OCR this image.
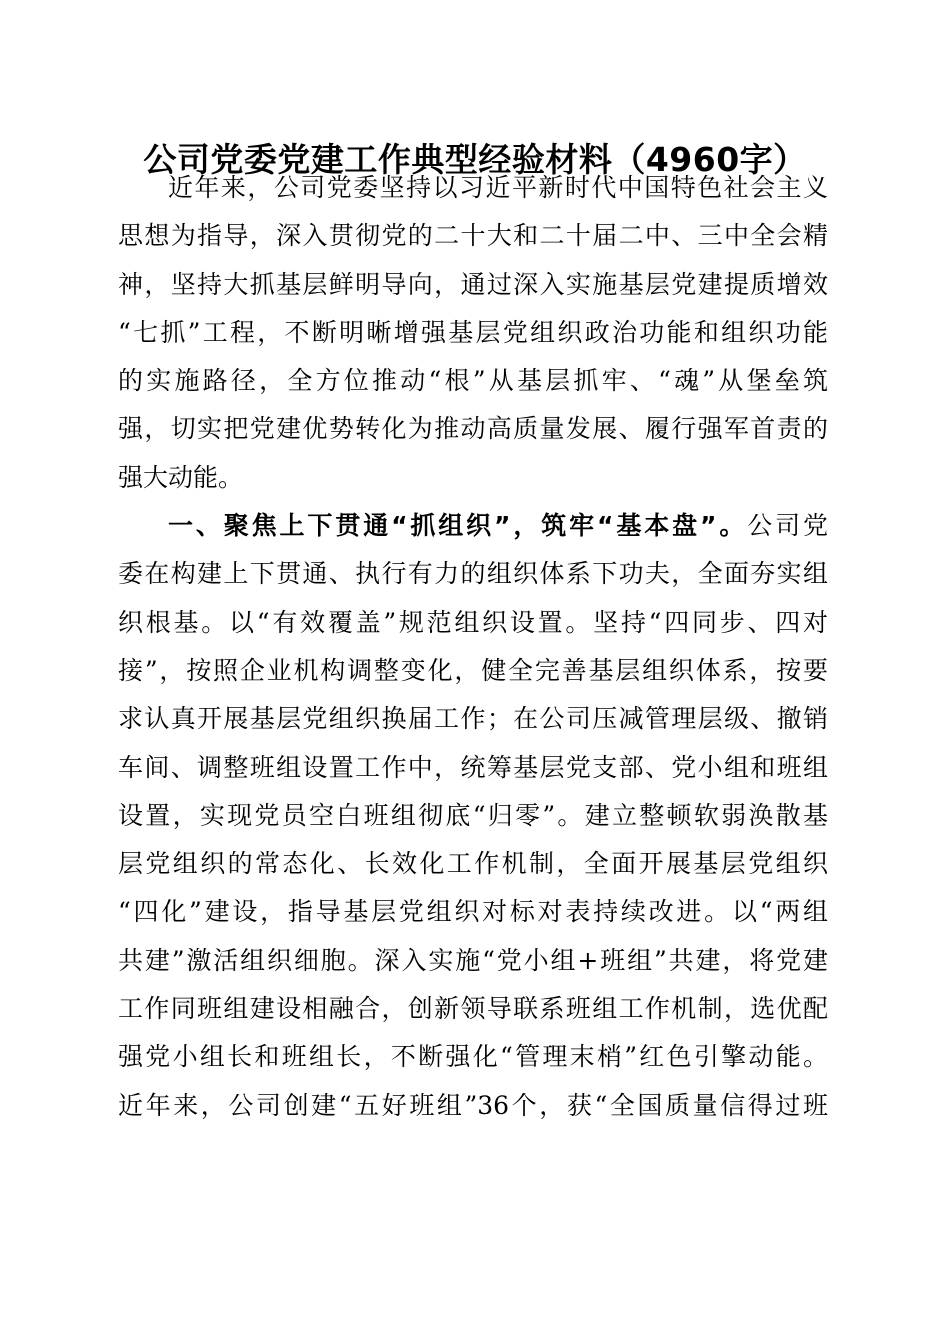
公司党委党建工作典型经验材料（4960字）
近年来，公司党委坚持以习近平新时代中国特色社会主义
思想为指导，深入贯彻党的二十大和二十届二中、三中全会精
神，坚持大抓基层鲜明导向，通过深入实施基层党建提质增效
“七抓”工程，不断明晰增强基层党组织政治功能和组织功能
的实施路径，全方位推动“根”从基层抓牢、“魂”从堡垒筑
强，切实把党建优势转化为推动高质量发展、履行强军首责的
强大动能。
一、聚焦上下贯通“抓组织”，筑牢“基本盘”。公司党
委在构建上下贯通、执行有力的组织体系下功夫，全面夯实组
织根基。以“有效覆盖”规范组织设置。坚持“四同步、四对
接”，按照企业机构调整变化，健全完善基层组织体系，按要
求认真开展基层党组织换届工作；在公司压减管理层级、撤销
车间、调整班组设置工作中，统筹基层党支部、党小组和班组
设置，实现党员空白班组彻底“归零”。建立整顿软弱涣散基
层党组织的常态化、长效化工作机制，全面开展基层党组织
“四化”建设，指导基层党组织对标对表持续改进。以“两组
共建”激活组织细胞。深入实施“党小组+班组”共建，将党建
工作同班组建设相融合，创新领导联系班组工作机制，选优配
强党小组长和班组长，不断强化“管理末梢”红色引擎动能。
近年来，公司创建“五好班组”36个，获“全国质量信得过班
